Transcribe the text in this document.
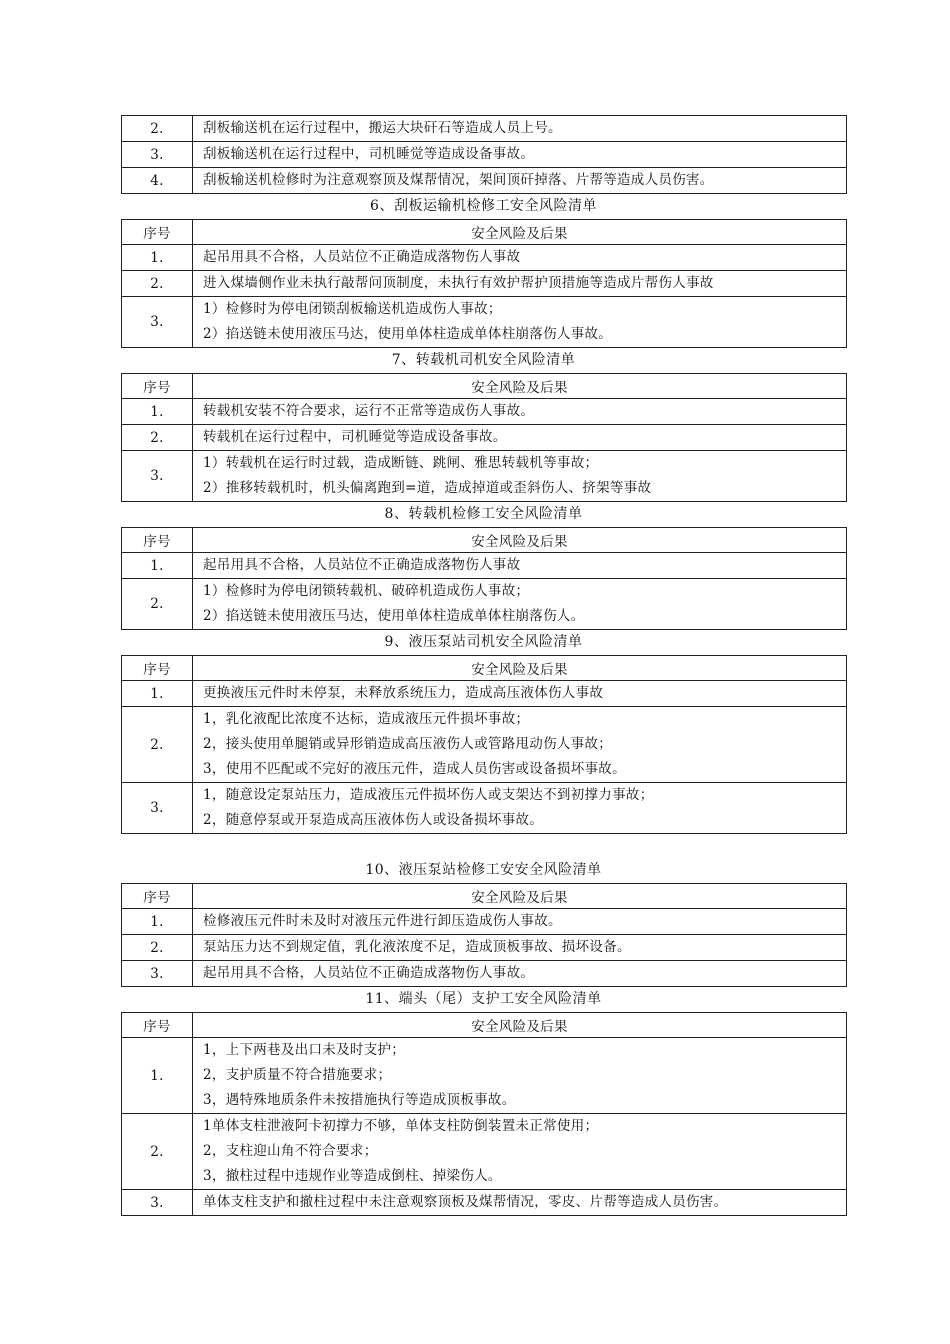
2.	刮板输送机在运行过程中，搬运大块矸石等造成人员上号。

3.	刮板输送机在运行过程中，司机睡觉等造成设备事故。

4.	刮板输送机检修时为注意观察顶及煤帮情况，架间顶矸掉落、片帮等造成人员伤害。
6、刮板运输机检修工安全风险清单
序号	安全风险及后果
1.	起吊用具不合格，人员站位不正确造成落物伤人事故

2.	进入煤墙侧作业未执行敲帮问顶制度，未执行有效护帮护顶措施等造成片帮伤人事故

3.	1）检修时为停电闭锁刮板输送机造成伤人事故；
2）掐送链未使用液压马达，使用单体柱造成单体柱崩落伤人事故。
7、转载机司机安全风险清单
序号	安全风险及后果
1.	转载机安装不符合要求，运行不正常等造成伤人事故。

2.	转载机在运行过程中，司机睡觉等造成设备事故。

3.	1）转载机在运行时过载，造成断链、跳闸、雅思转载机等事故；
2）推移转载机时，机头偏离跑到=道，造成掉道或歪斜伤人、挤架等事故
8、转载机检修工安全风险清单
序号	安全风险及后果
1.	起吊用具不合格，人员站位不正确造成落物伤人事故

2.	1）检修时为停电闭锁转载机、破碎机造成伤人事故；
2）掐送链未使用液压马达，使用单体柱造成单体柱崩落伤人。
9、液压泵站司机安全风险清单
序号	安全风险及后果
1.	更换液压元件时未停泵，未释放系统压力，造成高压液体伤人事故

2.	1，乳化液配比浓度不达标，造成液压元件损坏事故；
2，接头使用单腿销或异形销造成高压液伤人或管路甩动伤人事故；
3，使用不匹配或不完好的液压元件，造成人员伤害或设备损坏事故。

3.	1，随意设定泵站压力，造成液压元件损坏伤人或支架达不到初撑力事故；
2，随意停泵或开泵造成高压液体伤人或设备损坏事故。
10、液压泵站检修工安安全风险清单
序号	安全风险及后果
1.	检修液压元件时未及时对液压元件进行卸压造成伤人事故。

2.	泵站压力达不到规定值，乳化液浓度不足，造成顶板事故、损坏设备。

3.	起吊用具不合格，人员站位不正确造成落物伤人事故。
11、端头（尾）支护工安全风险清单
序号	安全风险及后果
1.	1，上下两巷及出口未及时支护；
2，支护质量不符合措施要求；
3，遇特殊地质条件未按措施执行等造成顶板事故。

2.	1单体支柱泄液阿卡初撑力不够，单体支柱防倒装置未正常使用；
2，支柱迎山角不符合要求；
3，撤柱过程中违规作业等造成倒柱、掉梁伤人。

3.	单体支柱支护和撤柱过程中未注意观察顶板及煤帮情况，零皮、片帮等造成人员伤害。
